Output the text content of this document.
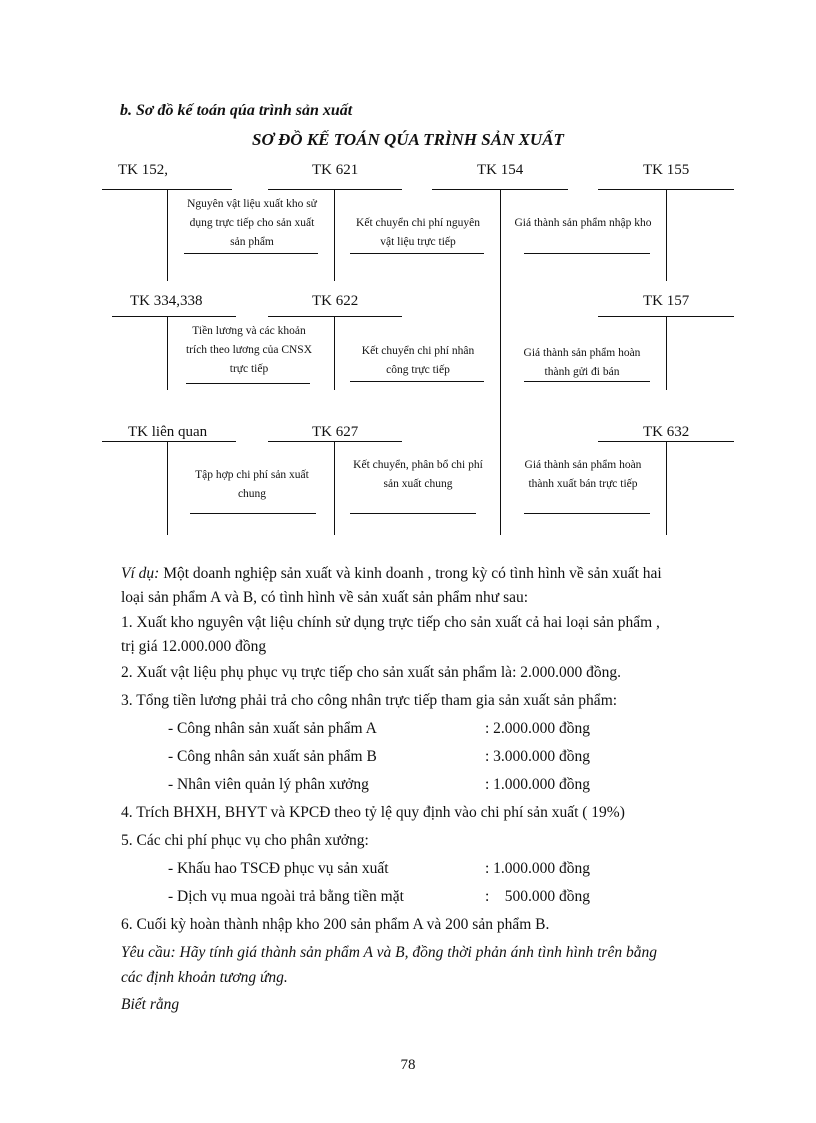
b. Sơ đồ kế toán qúa trình sản xuất
SƠ ĐỒ KẾ TOÁN QÚA TRÌNH SẢN XUẤT
TK 152,	TK 621	TK 154	TK 155
Nguyên vật liệu xuất kho sử dụng trực tiếp cho sản xuất sản phẩm
Kết chuyển chi phí nguyên vật liệu trực tiếp
Giá thành sản phẩm nhập kho
TK 334,338	TK 622	TK 157
Tiền lương và các khoản trích theo lương của CNSX trực tiếp
Kết chuyển chi phí nhân công trực tiếp
Giá thành sản phẩm hoàn thành gửi đi bán
TK liên quan	TK 627	TK 632
Tập hợp chi phí sản xuất chung
Kết chuyển, phân bổ chi phí sản xuất chung
Giá thành sản phẩm hoàn thành xuất bán trực tiếp
Ví dụ: Một doanh nghiệp sản xuất và kinh doanh , trong kỳ có tình hình về sản xuất hai
loại sản phẩm A và B, có tình hình về sản xuất sản phẩm như sau:
1. Xuất kho nguyên vật liệu chính sử dụng trực tiếp cho sản xuất cả hai loại sản phẩm ,
trị giá 12.000.000 đồng
2. Xuất vật liệu phụ phục vụ trực tiếp cho sản xuất sản phẩm là: 2.000.000 đồng.
3. Tổng tiền lương phải trả cho công nhân trực tiếp tham gia sản xuất sản phẩm:
- Công nhân sản xuất sản phẩm A	: 2.000.000 đồng
- Công nhân sản xuất sản phẩm B	: 3.000.000 đồng
- Nhân viên quản lý phân xưởng	: 1.000.000 đồng
4. Trích BHXH, BHYT và KPCĐ theo tỷ lệ quy định vào chi phí sản xuất ( 19%)
5. Các chi phí phục vụ cho phân xưởng:
- Khấu hao TSCĐ phục vụ sản xuất	: 1.000.000 đồng
- Dịch vụ mua ngoài trả bằng tiền mặt	:    500.000 đồng
6. Cuối kỳ hoàn thành nhập kho 200 sản phẩm A và 200 sản phẩm B.
Yêu cầu: Hãy tính giá thành sản phẩm A và B, đồng thời phản ánh tình hình trên bằng
các định khoản tương ứng.
Biết rằng
78
